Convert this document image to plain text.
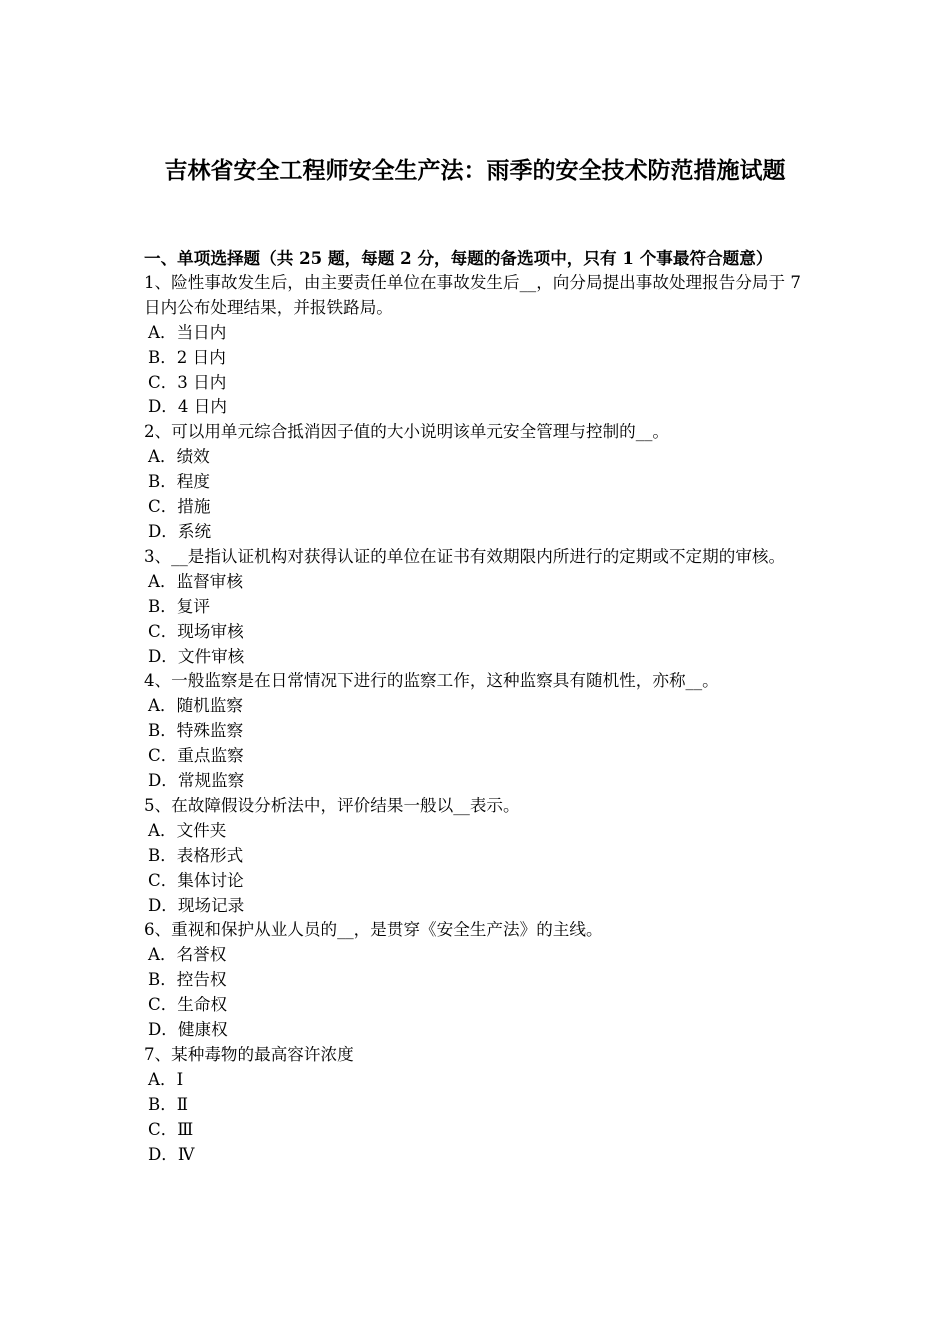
吉林省安全工程师安全生产法：雨季的安全技术防范措施试题
一、单项选择题（共 25 题，每题 2 分，每题的备选项中，只有 1 个事最符合题意）
1、险性事故发生后，由主要责任单位在事故发生后__，向分局提出事故处理报告分局于 7 日内公布处理结果，并报铁路局。
A．当日内
B．2 日内
C．3 日内
D．4 日内
2、可以用单元综合抵消因子值的大小说明该单元安全管理与控制的__。
A．绩效
B．程度
C．措施
D．系统
3、__是指认证机构对获得认证的单位在证书有效期限内所进行的定期或不定期的审核。
A．监督审核
B．复评
C．现场审核
D．文件审核
4、一般监察是在日常情况下进行的监察工作，这种监察具有随机性，亦称__。
A．随机监察
B．特殊监察
C．重点监察
D．常规监察
5、在故障假设分析法中，评价结果一般以__表示。
A．文件夹
B．表格形式
C．集体讨论
D．现场记录
6、重视和保护从业人员的__，是贯穿《安全生产法》的主线。
A．名誉权
B．控告权
C．生命权
D．健康权
7、某种毒物的最高容许浓度
A．Ⅰ
B．Ⅱ
C．Ⅲ
D．Ⅳ
